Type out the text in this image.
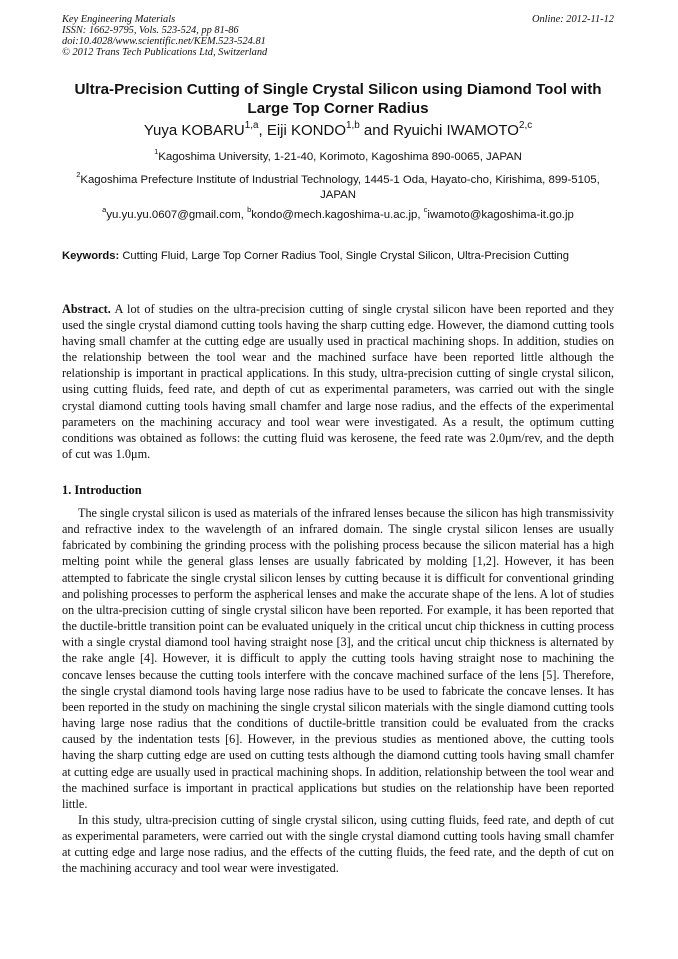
Key Engineering Materials
ISSN: 1662-9795, Vols. 523-524, pp 81-86
doi:10.4028/www.scientific.net/KEM.523-524.81
© 2012 Trans Tech Publications Ltd, Switzerland
Online: 2012-11-12
Ultra-Precision Cutting of Single Crystal Silicon using Diamond Tool with Large Top Corner Radius
Yuya KOBARU$^{1,a}$, Eiji KONDO$^{1,b}$ and Ryuichi IWAMOTO$^{2,c}$
$^1$Kagoshima University, 1-21-40, Korimoto, Kagoshima 890-0065, JAPAN
$^2$Kagoshima Prefecture Institute of Industrial Technology, 1445-1 Oda, Hayato-cho, Kirishima, 899-5105, JAPAN
$^a$yu.yu.yu.0607@gmail.com, $^b$kondo@mech.kagoshima-u.ac.jp, $^c$iwamoto@kagoshima-it.go.jp
Keywords: Cutting Fluid, Large Top Corner Radius Tool, Single Crystal Silicon, Ultra-Precision Cutting
Abstract. A lot of studies on the ultra-precision cutting of single crystal silicon have been reported and they used the single crystal diamond cutting tools having the sharp cutting edge. However, the diamond cutting tools having small chamfer at the cutting edge are usually used in practical machining shops. In addition, studies on the relationship between the tool wear and the machined surface have been reported little although the relationship is important in practical applications. In this study, ultra-precision cutting of single crystal silicon, using cutting fluids, feed rate, and depth of cut as experimental parameters, was carried out with the single crystal diamond cutting tools having small chamfer and large nose radius, and the effects of the experimental parameters on the machining accuracy and tool wear were investigated. As a result, the optimum cutting conditions was obtained as follows: the cutting fluid was kerosene, the feed rate was 2.0μm/rev, and the depth of cut was 1.0μm.
1. Introduction

The single crystal silicon is used as materials of the infrared lenses because the silicon has high transmissivity and refractive index to the wavelength of an infrared domain. The single crystal silicon lenses are usually fabricated by combining the grinding process with the polishing process because the silicon material has a high melting point while the general glass lenses are usually fabricated by molding [1,2]. However, it has been attempted to fabricate the single crystal silicon lenses by cutting because it is difficult for conventional grinding and polishing processes to perform the aspherical lenses and make the accurate shape of the lens. A lot of studies on the ultra-precision cutting of single crystal silicon have been reported. For example, it has been reported that the ductile-brittle transition point can be evaluated uniquely in the critical uncut chip thickness in cutting process with a single crystal diamond tool having straight nose [3], and the critical uncut chip thickness is alternated by the rake angle [4]. However, it is difficult to apply the cutting tools having straight nose to machining the concave lenses because the cutting tools interfere with the concave machined surface of the lens [5]. Therefore, the single crystal diamond tools having large nose radius have to be used to fabricate the concave lenses. It has been reported in the study on machining the single crystal silicon materials with the single diamond cutting tools having large nose radius that the conditions of ductile-brittle transition could be evaluated from the cracks caused by the indentation tests [6]. However, in the previous studies as mentioned above, the cutting tools having the sharp cutting edge are used on cutting tests although the diamond cutting tools having small chamfer at cutting edge are usually used in practical machining shops. In addition, relationship between the tool wear and the machined surface is important in practical applications but studies on the relationship have been reported little.

In this study, ultra-precision cutting of single crystal silicon, using cutting fluids, feed rate, and depth of cut as experimental parameters, were carried out with the single crystal diamond cutting tools having small chamfer at cutting edge and large nose radius, and the effects of the cutting fluids, the feed rate, and the depth of cut on the machining accuracy and tool wear were investigated.
